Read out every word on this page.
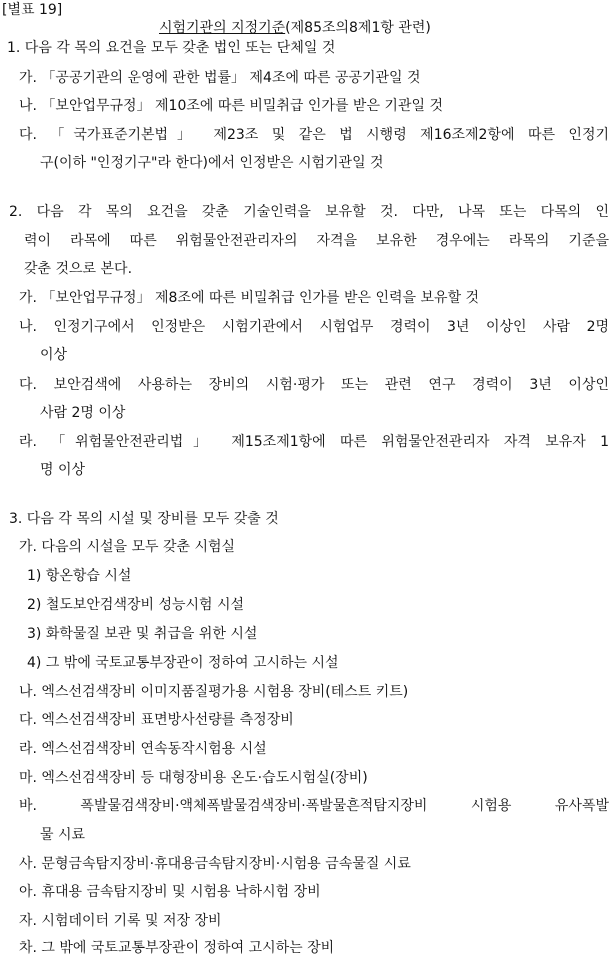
[별표 19]
시험기관의 지정기준(제85조의8제1항 관련)
1. 다음 각 목의 요건을 모두 갖춘 법인 또는 단체일 것
가. 「공공기관의 운영에 관한 법률」 제4조에 따른 공공기관일 것
나. 「보안업무규정」 제10조에 따른 비밀취급 인가를 받은 기관일 것
다. 「국가표준기본법」 제23조 및 같은 법 시행령 제16조제2항에 따른 인정기
구(이하 "인정기구"라 한다)에서 인정받은 시험기관일 것
2. 다음 각 목의 요건을 갖춘 기술인력을 보유할 것. 다만, 나목 또는 다목의 인
력이 라목에 따른 위험물안전관리자의 자격을 보유한 경우에는 라목의 기준을
갖춘 것으로 본다.
가. 「보안업무규정」 제8조에 따른 비밀취급 인가를 받은 인력을 보유할 것
나. 인정기구에서 인정받은 시험기관에서 시험업무 경력이 3년 이상인 사람 2명
이상
다. 보안검색에 사용하는 장비의 시험·평가 또는 관련 연구 경력이 3년 이상인
사람 2명 이상
라. 「위험물안전관리법」 제15조제1항에 따른 위험물안전관리자 자격 보유자 1
명 이상
3. 다음 각 목의 시설 및 장비를 모두 갖출 것
가. 다음의 시설을 모두 갖춘 시험실
1) 항온항습 시설
2) 철도보안검색장비 성능시험 시설
3) 화학물질 보관 및 취급을 위한 시설
4) 그 밖에 국토교통부장관이 정하여 고시하는 시설
나. 엑스선검색장비 이미지품질평가용 시험용 장비(테스트 키트)
다. 엑스선검색장비 표면방사선량를 측정장비
라. 엑스선검색장비 연속동작시험용 시설
마. 엑스선검색장비 등 대형장비용 온도·습도시험실(장비)
바. 폭발물검색장비·액체폭발물검색장비·폭발물흔적탐지장비 시험용 유사폭발
물 시료
사. 문형금속탐지장비·휴대용금속탐지장비·시험용 금속물질 시료
아. 휴대용 금속탐지장비 및 시험용 낙하시험 장비
자. 시험데이터 기록 및 저장 장비
차. 그 밖에 국토교통부장관이 정하여 고시하는 장비
